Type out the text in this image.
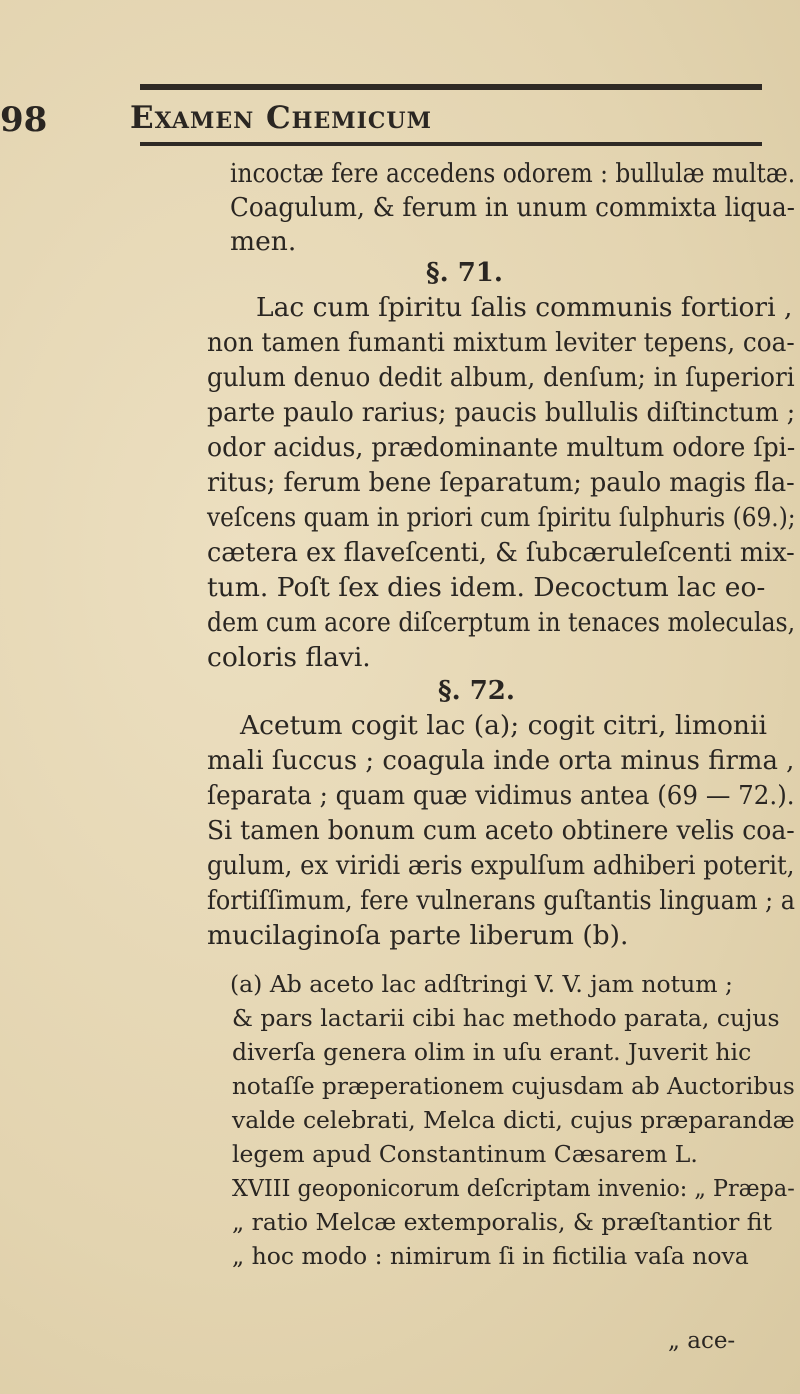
98	Examen Chemicum
incoctæ fere accedens odorem : bullulæ multæ.
Coagulum, & ferum in unum commixta liqua-
men.
§. 71.
Lac cum ſpiritu ſalis communis fortiori ,
non tamen fumanti mixtum leviter tepens, coa-
gulum denuo dedit album, denſum; in ſuperiori
parte paulo rarius; paucis bullulis diſtinctum ;
odor acidus, prædominante multum odore ſpi-
ritus; ferum bene ſeparatum; paulo magis fla-
veſcens quam in priori cum ſpiritu ſulphuris (69.);
cætera ex flaveſcenti, & ſubcæruleſcenti mix-
tum. Poſt ſex dies idem. Decoctum lac eo-
dem cum acore diſcerptum in tenaces moleculas,
coloris flavi.
§. 72.
Acetum cogit lac (a); cogit citri, limonii
mali ſuccus ; coagula inde orta minus firma ,
ſeparata ; quam quæ vidimus antea (69 — 72.).
Si tamen bonum cum aceto obtinere velis coa-
gulum, ex viridi æris expulſum adhiberi poterit,
fortiſſimum, fere vulnerans guſtantis linguam ; a
mucilaginoſa parte liberum (b).
(a) Ab aceto lac adſtringi V. V. jam notum ;
& pars lactarii cibi hac methodo parata, cujus
diverſa genera olim in uſu erant. Juverit hic
notaſſe præperationem cujusdam ab Auctoribus
valde celebrati, Melca dicti, cujus præparandæ
legem apud Constantinum Cæsarem L.
XVIII geoponicorum deſcriptam invenio: „ Præpa-
„ ratio Melcæ extemporalis, & præſtantior fit
„ hoc modo : nimirum ſi in fictilia vaſa nova
„ ace-
